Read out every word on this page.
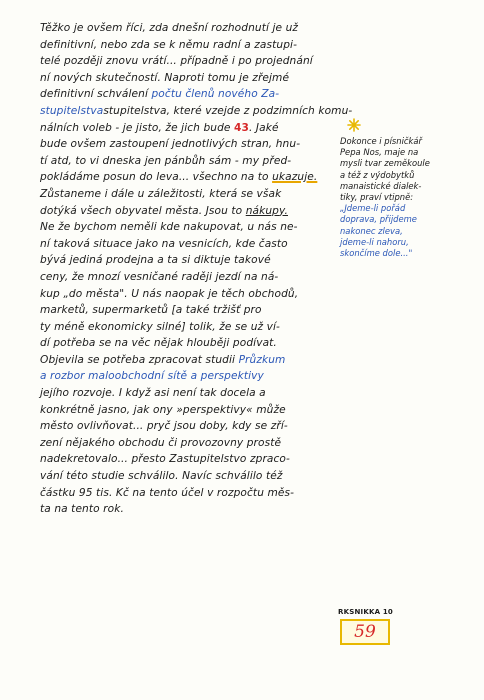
Těžko je ovšem říci, zda dnešní rozhodnutí je už
definitivní, nebo zda se k němu radní a zastupi-
telé později znovu vrátí... případně i po projednání
ní nových skutečností. Naproti tomu je zřejmé
definitivní schválení počtu členů nového Za-
stupitelstvastupitelstva, které vzejde z podzimních komu-
nálních voleb - je jisto, že jich bude 43. Jaké
bude ovšem zastoupení jednotlivých stran, hnu-
tí atd, to vi dneska jen pánbůh sám - my před-
pokládáme posun do leva... všechno na to ukazuje.
Zůstaneme i dále u záležitosti, která se však
dotýká všech obyvatel města. Jsou to nákupy.
Ne že bychom neměli kde nakupovat, u nás ne-
ní taková situace jako na vesnicích, kde často
bývá jediná prodejna a ta si diktuje takové
ceny, že mnozí vesničané raději jezdí na ná-
kup „do města". U nás naopak je těch obchodů,
marketů, supermarketů [a také tržišť pro
ty méně ekonomicky silné] tolik, že se už ví-
dí potřeba se na věc nějak hlouběji podívat.
Objevila se potřeba zpracovat studii Průzkum
a rozbor maloobchodní sítě a perspektivy
jejího rozvoje. I když asi není tak docela a
konkrétně jasno, jak ony »perspektivy« může
město ovlivňovat... pryč jsou doby, kdy se zří-
zení nějakého obchodu či provozovny prostě
nadekretovalo... přesto Zastupitelstvo zpraco-
vání této studie schválilo. Navíc schválilo též
částku 95 tis. Kč na tento účel v rozpočtu měs-
ta na tento rok.
Dokonce i písničkář
Pepa Nos, maje na
mysli tvar zeměkoule
a též z výdobytků
manaistické dialek-
tiky, praví vtipně:
„Jdeme-li pořád
doprava, přijdeme
nakonec zleva,
jdeme-li nahoru,
skončíme dole..."
RKSNIKKA 10
59
